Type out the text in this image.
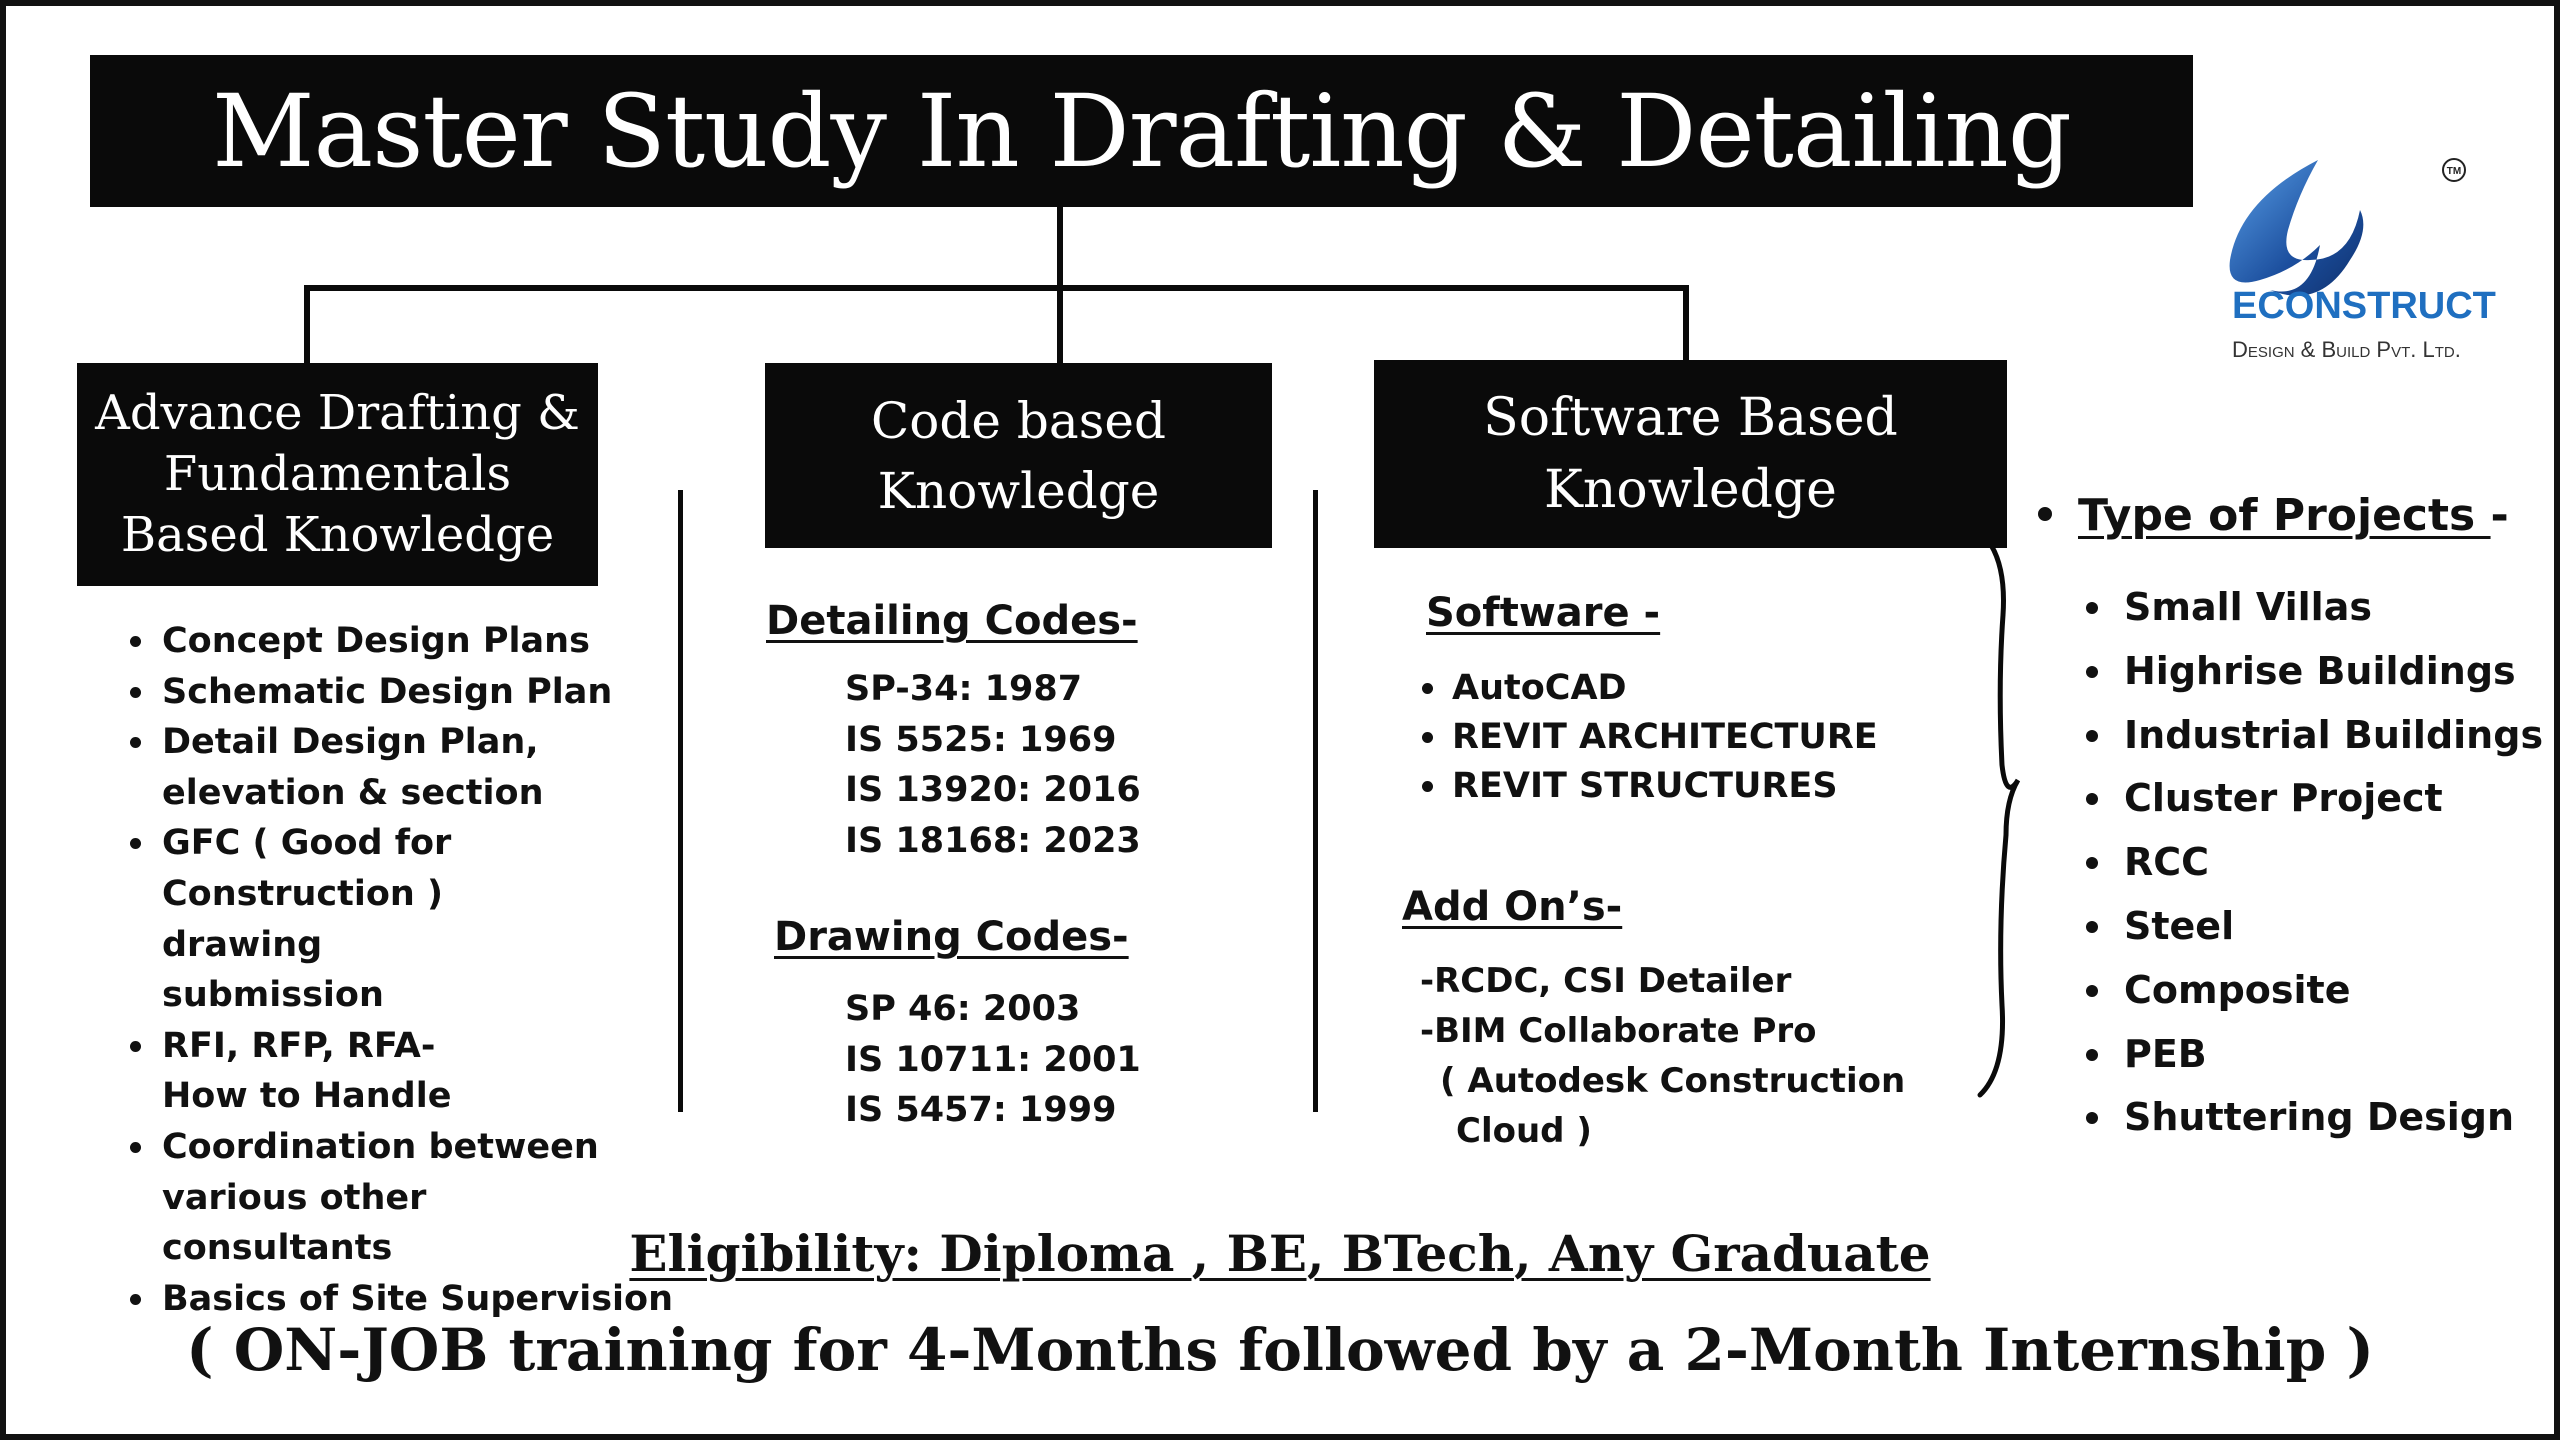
Master Study In Drafting & Detailing
Advance Drafting &
Fundamentals
Based Knowledge
Concept Design Plans
Schematic Design Plan
Detail Design Plan, elevation & section
GFC ( Good for Construction ) drawing submission
RFI, RFP, RFA- How to Handle
Coordination between various other consultants
Basics of Site Supervision
Code based
Knowledge
Detailing Codes-
SP-34: 1987
IS 5525: 1969
IS 13920: 2016
IS 18168: 2023
Drawing Codes-
SP 46: 2003
IS 10711: 2001
IS 5457: 1999
Software Based
Knowledge
Software -
AutoCAD
REVIT ARCHITECTURE
REVIT STRUCTURES
Add On’s-
-RCDC, CSI Detailer
-BIM Collaborate Pro
( Autodesk Construction
Cloud )
Type of Projects -
Small Villas
Highrise Buildings
Industrial Buildings
Cluster Project
RCC
Steel
Composite
PEB
Shuttering Design
TM
ECONSTRUCT
Design & Build Pvt. Ltd.
Eligibility: Diploma , BE, BTech, Any Graduate
( ON-JOB training for 4-Months followed by a 2-Month Internship )
